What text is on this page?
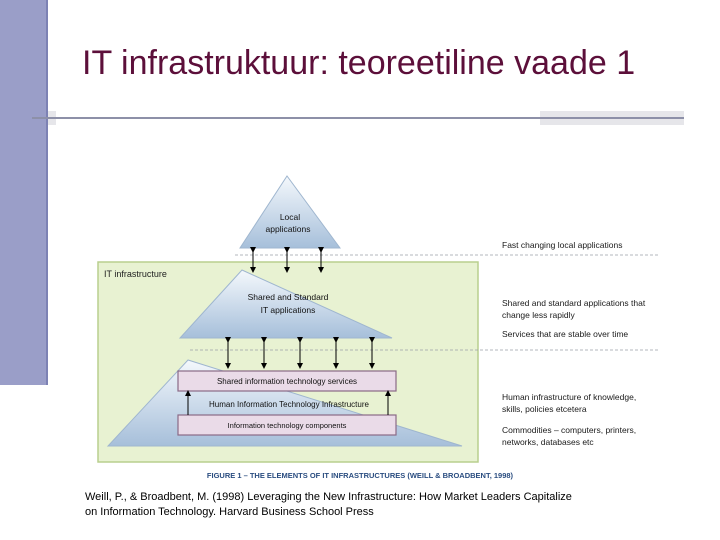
IT infrastruktuur: teoreetiline vaade 1
IT infrastructure
Local
applications
Shared and Standard
IT applications
Shared information technology services
Human Information Technology Infrastructure
Information technology components
Fast changing local applications
Shared and standard applications that
change less rapidly
Services that are stable over time
Human infrastructure of knowledge,
skills, policies etcetera
Commodities – computers, printers,
networks, databases etc
FIGURE 1 – THE ELEMENTS OF IT INFRASTRUCTURES (WEILL & BROADBENT, 1998)
Weill, P., & Broadbent, M. (1998) Leveraging the New Infrastructure: How Market Leaders Capitalize
on Information Technology. Harvard Business School Press
